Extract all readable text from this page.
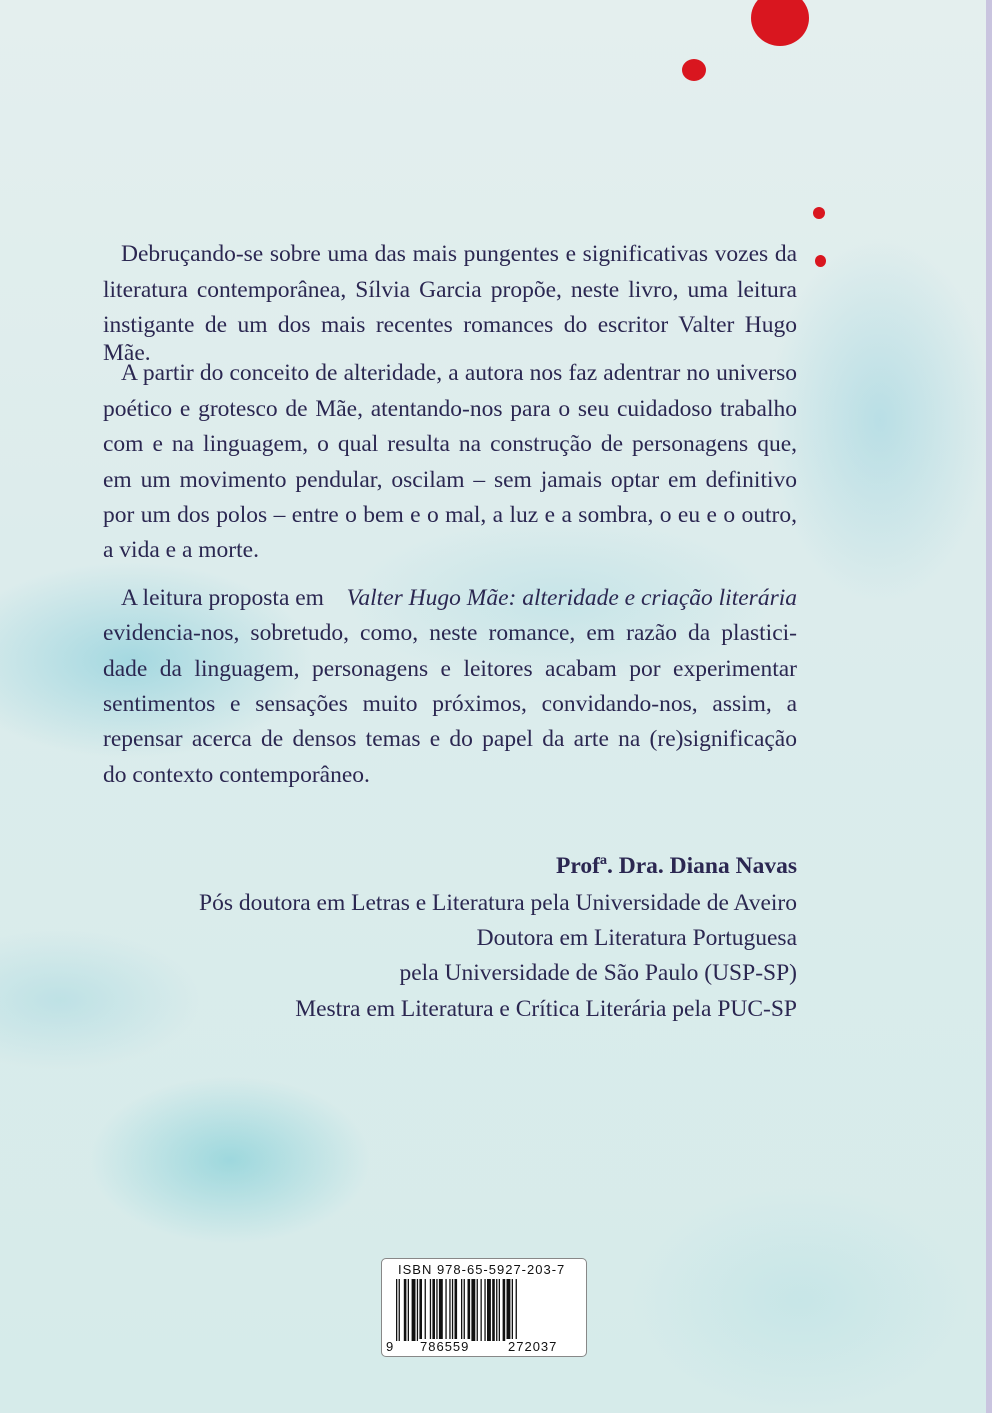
Debruçando-se sobre uma das mais pungentes e significativas vozes da
literatura contemporânea, Sílvia Garcia propõe, neste livro, uma leitura
instigante de um dos mais recentes romances do escritor Valter Hugo Mãe.
A partir do conceito de alteridade, a autora nos faz adentrar no universo
poético e grotesco de Mãe, atentando-nos para o seu cuidadoso trabalho
com e na linguagem, o qual resulta na construção de personagens que,
em um movimento pendular, oscilam – sem jamais optar em definitivo
por um dos polos – entre o bem e o mal, a luz e a sombra, o eu e o outro,
a vida e a morte.
A leitura proposta em Valter Hugo Mãe: alteridade e criação literária
evidencia-nos, sobretudo, como, neste romance, em razão da plastici-
dade da linguagem, personagens e leitores acabam por experimentar
sentimentos e sensações muito próximos, convidando-nos, assim, a
repensar acerca de densos temas e do papel da arte na (re)significação
do contexto contemporâneo.
Profª. Dra. Diana Navas
Pós doutora em Letras e Literatura pela Universidade de Aveiro
Doutora em Literatura Portuguesa
pela Universidade de São Paulo (USP-SP)
Mestra em Literatura e Crítica Literária pela PUC-SP
ISBN 978-65-5927-203-7
9 786559	272037
